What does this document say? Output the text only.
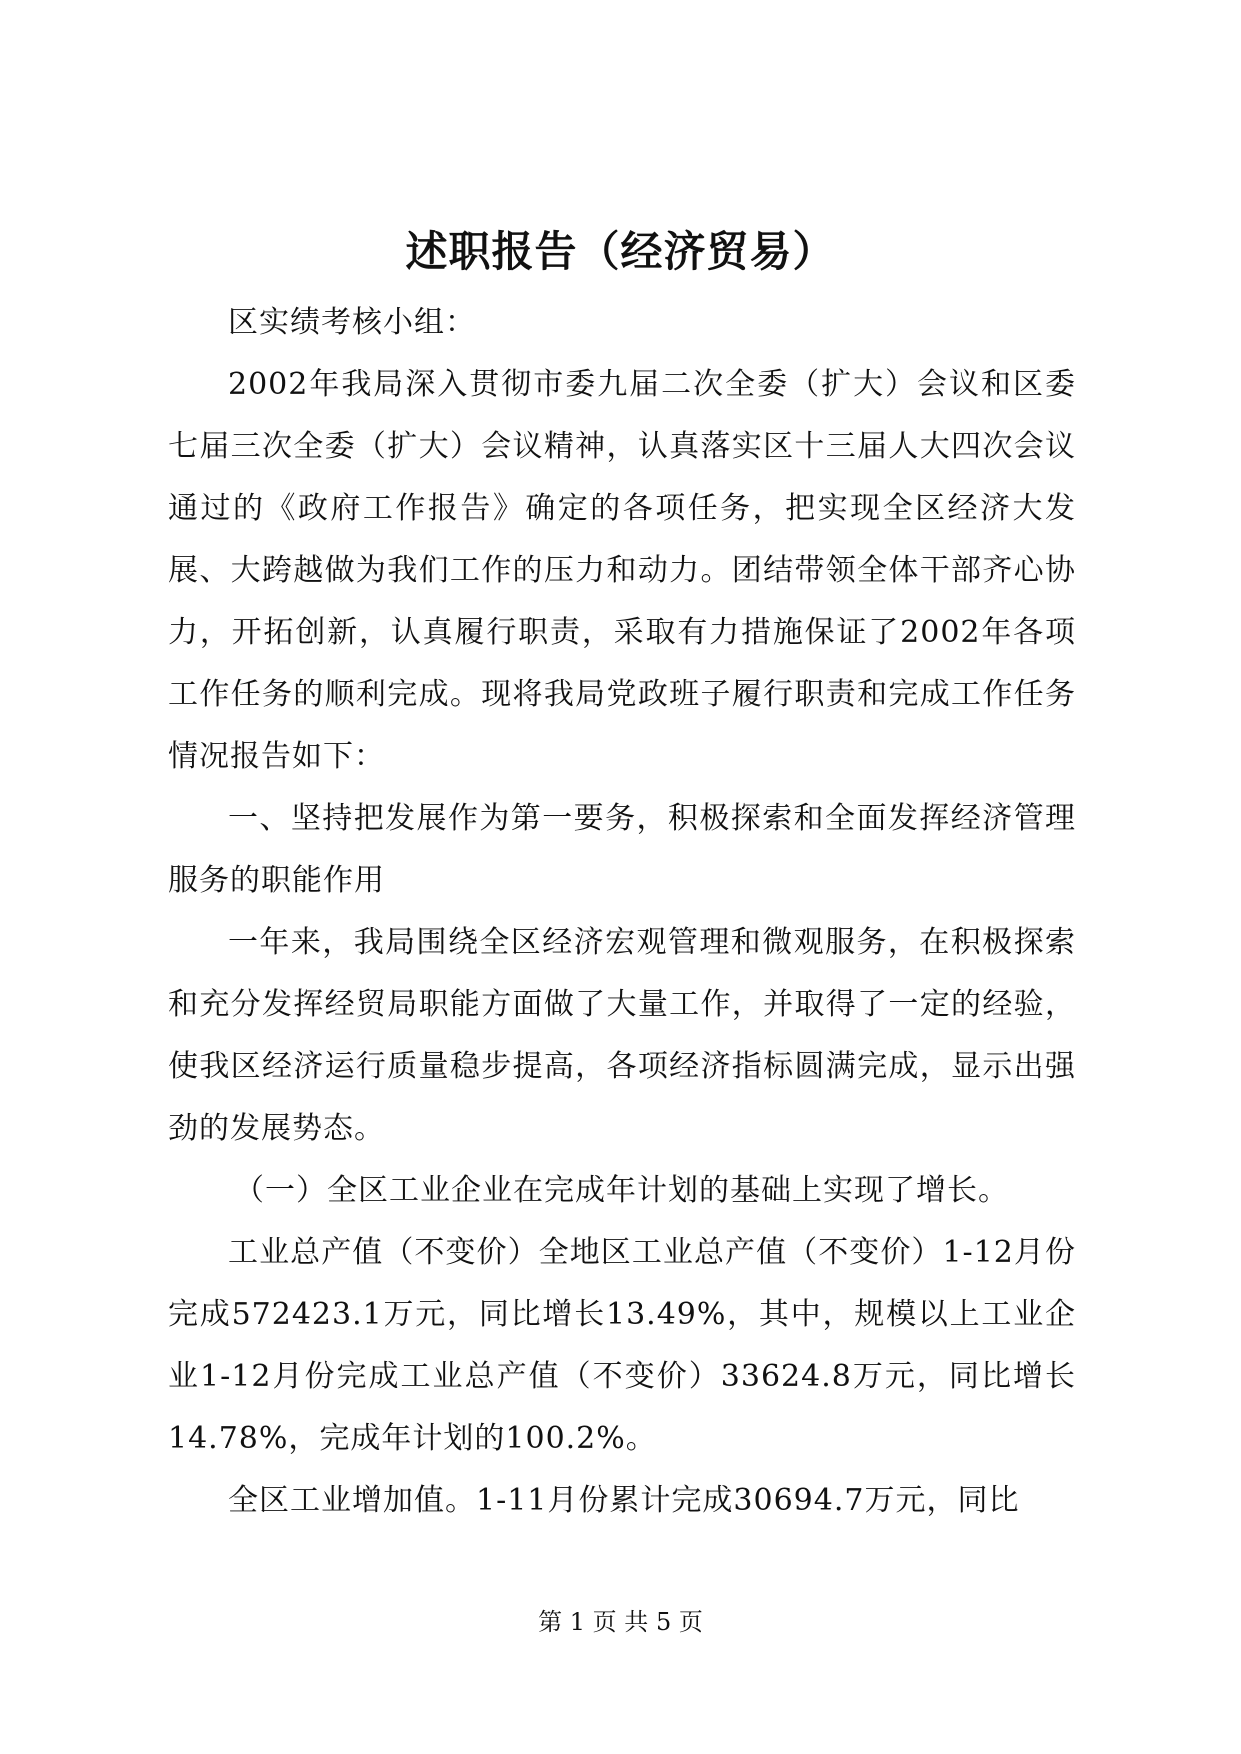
述职报告（经济贸易）

区实绩考核小组：

2002年我局深入贯彻市委九届二次全委（扩大）会议和区委七届三次全委（扩大）会议精神，认真落实区十三届人大四次会议通过的《政府工作报告》确定的各项任务，把实现全区经济大发展、大跨越做为我们工作的压力和动力。团结带领全体干部齐心协力，开拓创新，认真履行职责，采取有力措施保证了2002年各项工作任务的顺利完成。现将我局党政班子履行职责和完成工作任务情况报告如下：

一、坚持把发展作为第一要务，积极探索和全面发挥经济管理服务的职能作用

一年来，我局围绕全区经济宏观管理和微观服务，在积极探索和充分发挥经贸局职能方面做了大量工作，并取得了一定的经验，使我区经济运行质量稳步提高，各项经济指标圆满完成，显示出强劲的发展势态。

（一）全区工业企业在完成年计划的基础上实现了增长。

工业总产值（不变价）全地区工业总产值（不变价）1-12月份完成572423.1万元，同比增长13.49%，其中，规模以上工业企业1-12月份完成工业总产值（不变价）33624.8万元，同比增长14.78%，完成年计划的100.2%。

全区工业增加值。1-11月份累计完成30694.7万元，同比

第 1 页 共 5 页
